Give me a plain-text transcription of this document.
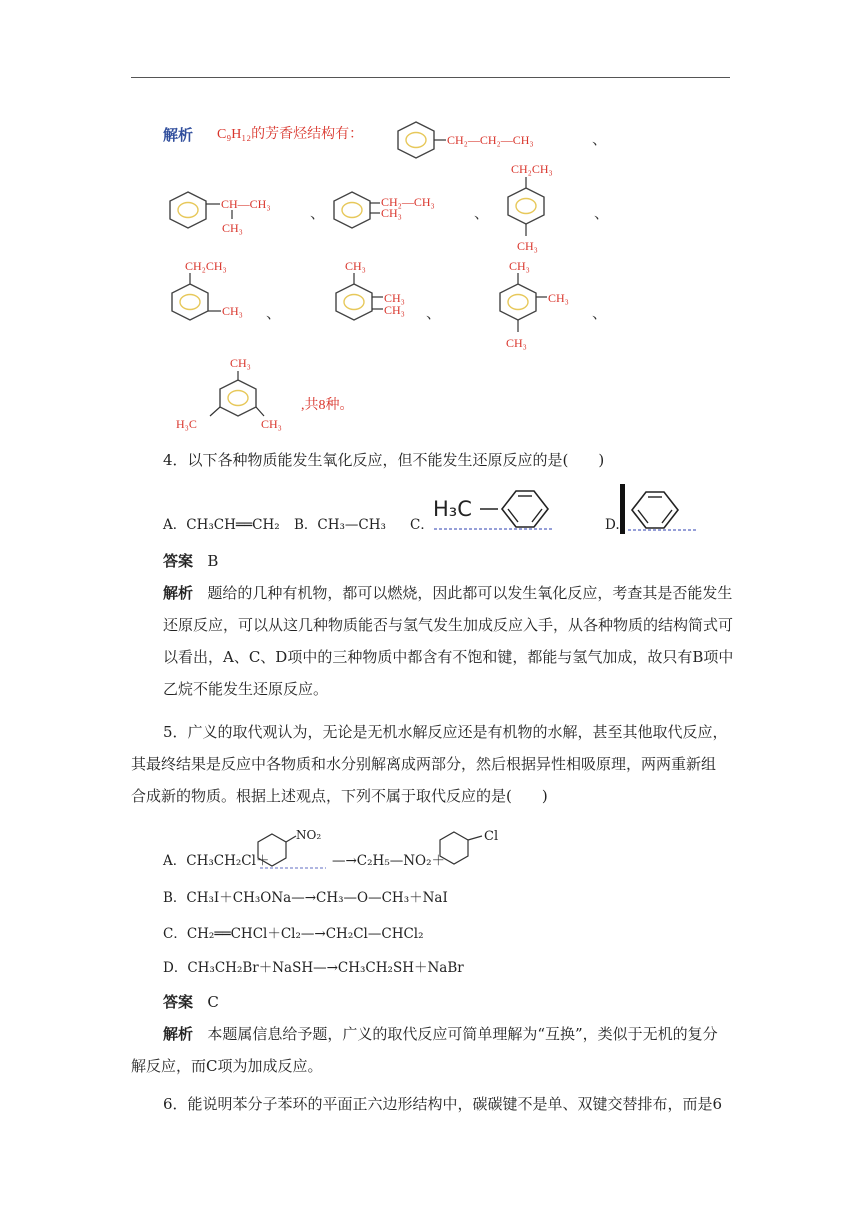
解析 C₉H₁₂的芳香烃结构有：	CH₂—CH₂—CH₃	、
CH—CH₃
CH₃
、
CH₂—CH₃
CH₃	、
CH₂CH₃
CH₃
、
CH₂CH₃
CH₃ 、
CH₃
CH₃
CH₃ 、
CH₃
CH₃
CH₃
、
CH₃
H₃C	CH₃
,共8种。
4．以下各种物质能发生氧化反应，但不能发生还原反应的是(　　)
A．CH₃CH══CH₂ B．CH₃—CH₃ C．
H₃C
D.
答案 B
解析 题给的几种有机物，都可以燃烧，因此都可以发生氧化反应，考查其是否能发生还原反应，可以从这几种物质能否与氢气发生加成反应入手，从各种物质的结构简式可以看出，A、C、D项中的三种物质中都含有不饱和键，都能与氢气加成，故只有B项中乙烷不能发生还原反应。
5．广义的取代观认为，无论是无机水解反应还是有机物的水解，甚至其他取代反应，其最终结果是反应中各物质和水分别解离成两部分，然后根据异性相吸原理，两两重新组合成新的物质。根据上述观点，下列不属于取代反应的是(　　)
A．CH₃CH₂Cl＋
NO₂
—→C₂H₅—NO₂＋
Cl
B．CH₃I＋CH₃ONa—→CH₃—O—CH₃＋NaI
C．CH₂══CHCl＋Cl₂—→CH₂Cl—CHCl₂
D．CH₃CH₂Br＋NaSH—→CH₃CH₂SH＋NaBr
答案 C
解析 本题属信息给予题，广义的取代反应可简单理解为“互换”，类似于无机的复分解反应，而C项为加成反应。
6．能说明苯分子苯环的平面正六边形结构中，碳碳键不是单、双键交替排布，而是6
